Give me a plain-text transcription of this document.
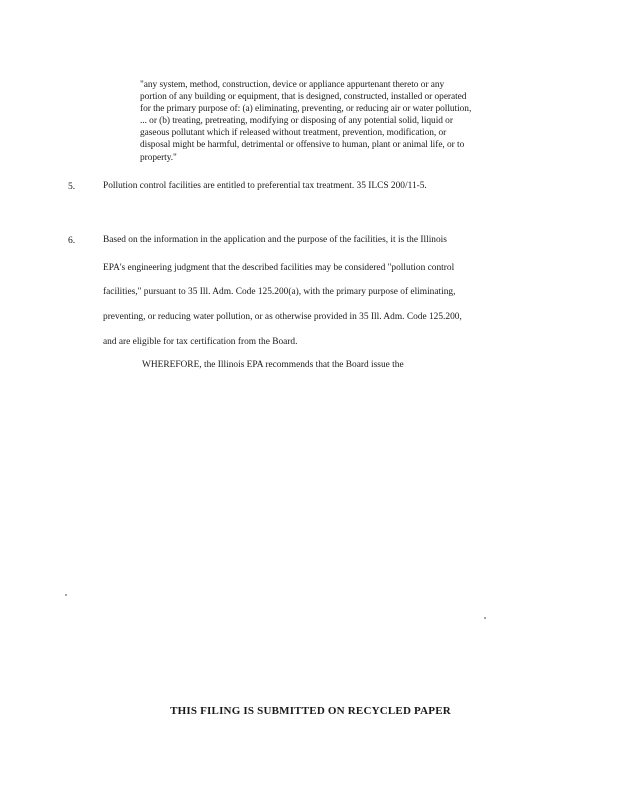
"any system, method, construction, device or appliance appurtenant thereto or any
portion of any building or equipment, that is designed, constructed, installed or operated
for the primary purpose of: (a) eliminating, preventing, or reducing air or water pollution,
... or (b) treating, pretreating, modifying or disposing of any potential solid, liquid or
gaseous pollutant which if released without treatment, prevention, modification, or
disposal might be harmful, detrimental or offensive to human, plant or animal life, or to
property."
5.	Pollution control facilities are entitled to preferential tax treatment. 35 ILCS 200/11-5.
6.	Based on the information in the application and the purpose of the facilities, it is the Illinois
EPA's engineering judgment that the described facilities may be considered "pollution control
facilities," pursuant to 35 Ill. Adm. Code 125.200(a), with the primary purpose of eliminating,
preventing, or reducing water pollution, or as otherwise provided in 35 Ill. Adm. Code 125.200,
and are eligible for tax certification from the Board.
WHEREFORE, the Illinois EPA recommends that the Board issue the
THIS FILING IS SUBMITTED ON RECYCLED PAPER
